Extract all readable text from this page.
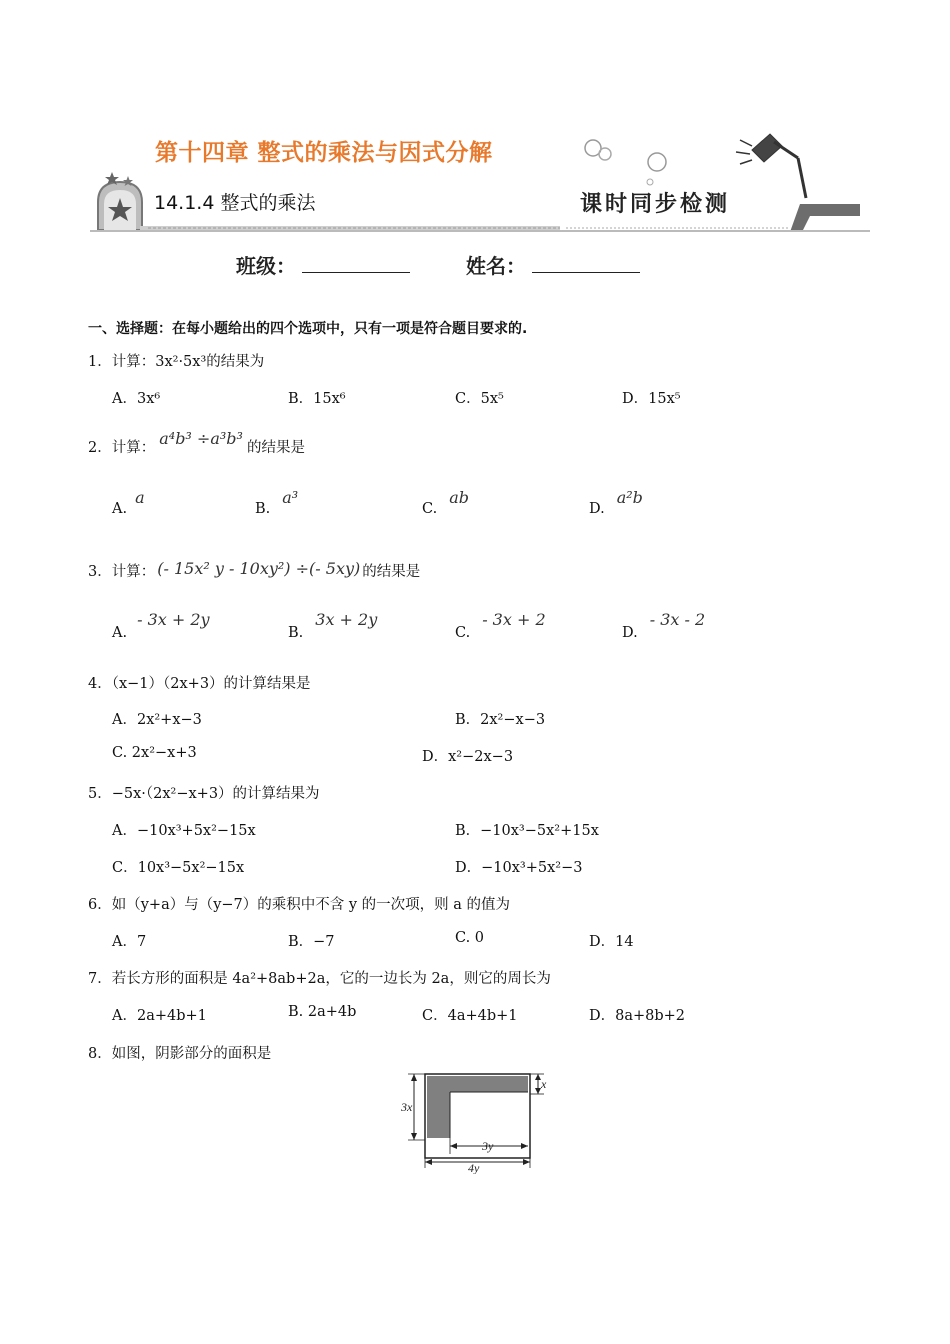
第十四章 整式的乘法与因式分解
14.1.4 整式的乘法	课时同步检测
班级：	姓名：
一、选择题：在每小题给出的四个选项中，只有一项是符合题目要求的.
1．计算：3x²·5x³的结果为
A．3x⁶	B．15x⁶	C．5x⁵	D．15x⁵
2．计算： a⁴b³ ÷a³b³ 的结果是
A.a
B.a³
C.ab
D.a²b
3．计算： (- 15x² y - 10xy²) ÷(- 5xy) 的结果是
A.- 3x + 2y
B.3x + 2y
C.- 3x + 2
D.- 3x - 2
4．（x−1）（2x+3）的计算结果是
A．2x²+x−3	B．2x²−x−3
C. 2x²−x+3	D．x²−2x−3
5．−5x·（2x²−x+3）的计算结果为
A．−10x³+5x²−15x	B．−10x³−5x²+15x
C．10x³−5x²−15x	D．−10x³+5x²−3
6．如（y+a）与（y−7）的乘积中不含 y 的一次项，则 a 的值为
A．7	B．−7	C. 0	D．14
7．若长方形的面积是 4a²+8ab+2a，它的一边长为 2a，则它的周长为
A．2a+4b+1	B. 2a+4b	C．4a+4b+1	D．8a+8b+2
8．如图，阴影部分的面积是
3x
x
3y
4y
